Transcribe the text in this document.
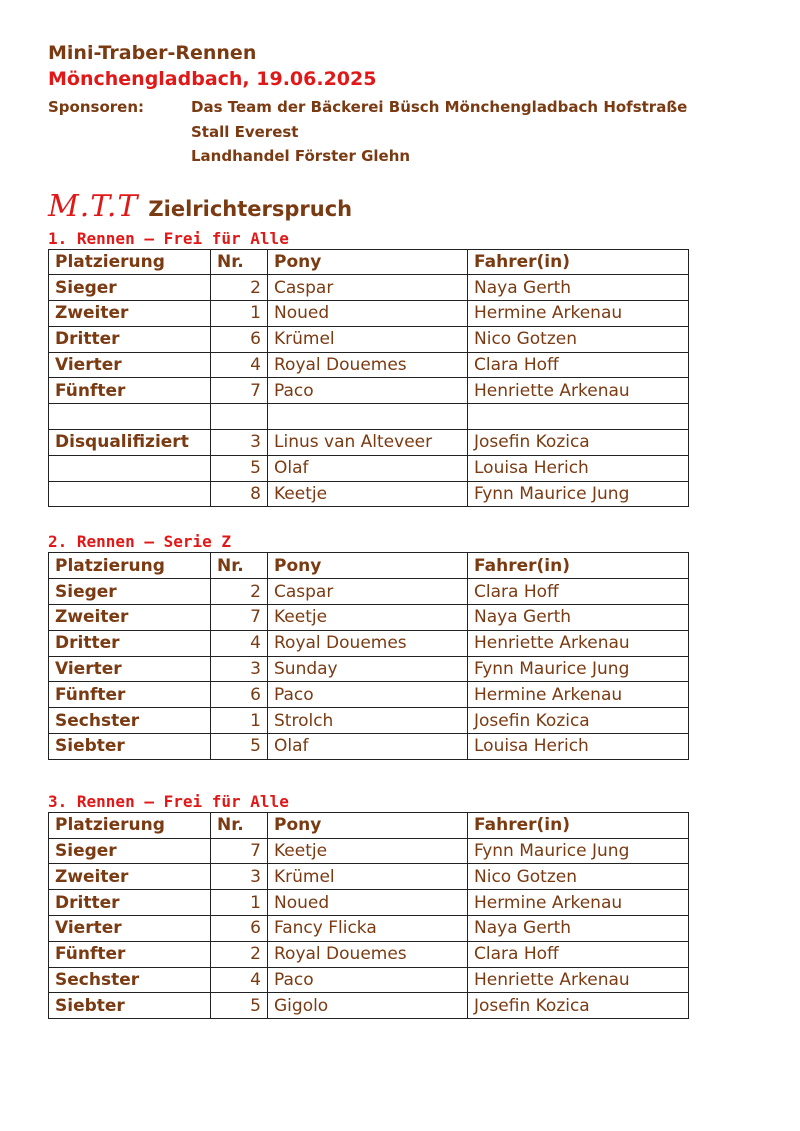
Mini-Traber-Rennen
Mönchengladbach, 19.06.2025
Sponsoren:	Das Team der Bäckerei Büsch Mönchengladbach Hofstraße
Stall Everest
Landhandel Förster Glehn
M.T.T Zielrichterspruch
1. Rennen – Frei für Alle
Platzierung	Nr.	Pony	Fahrer(in)
Sieger	2	Caspar	Naya Gerth
Zweiter	1	Noued	Hermine Arkenau
Dritter	6	Krümel	Nico Gotzen
Vierter	4	Royal Douemes	Clara Hoff
Fünfter	7	Paco	Henriette Arkenau

Disqualifiziert	3	Linus van Alteveer	Josefin Kozica
	5	Olaf	Louisa Herich
	8	Keetje	Fynn Maurice Jung
2. Rennen – Serie Z
Platzierung	Nr.	Pony	Fahrer(in)
Sieger	2	Caspar	Clara Hoff
Zweiter	7	Keetje	Naya Gerth
Dritter	4	Royal Douemes	Henriette Arkenau
Vierter	3	Sunday	Fynn Maurice Jung
Fünfter	6	Paco	Hermine Arkenau
Sechster	1	Strolch	Josefin Kozica
Siebter	5	Olaf	Louisa Herich
3. Rennen – Frei für Alle
Platzierung	Nr.	Pony	Fahrer(in)
Sieger	7	Keetje	Fynn Maurice Jung
Zweiter	3	Krümel	Nico Gotzen
Dritter	1	Noued	Hermine Arkenau
Vierter	6	Fancy Flicka	Naya Gerth
Fünfter	2	Royal Douemes	Clara Hoff
Sechster	4	Paco	Henriette Arkenau
Siebter	5	Gigolo	Josefin Kozica
